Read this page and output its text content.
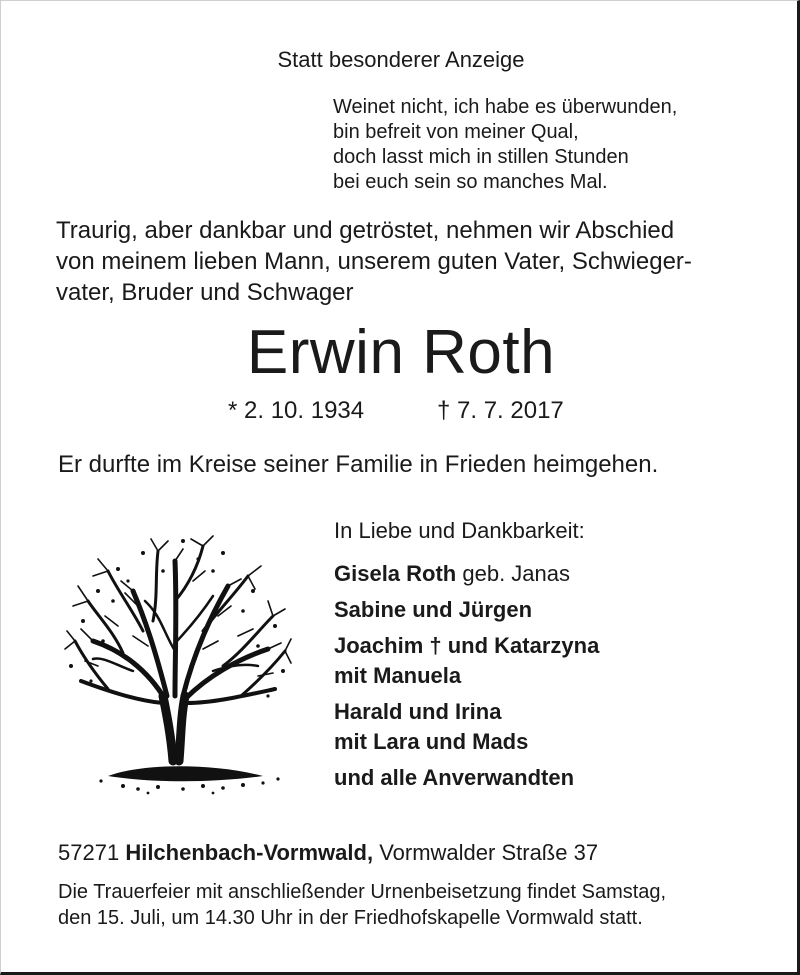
Statt besonderer Anzeige
Weinet nicht, ich habe es überwunden,
bin befreit von meiner Qual,
doch lasst mich in stillen Stunden
bei euch sein so manches Mal.
Traurig, aber dankbar und getröstet, nehmen wir Abschied
von meinem lieben Mann, unserem guten Vater, Schwieger-
vater, Bruder und Schwager
Erwin Roth
* 2. 10. 1934	† 7. 7. 2017
Er durfte im Kreise seiner Familie in Frieden heimgehen.
In Liebe und Dankbarkeit:
Gisela Roth geb. Janas
Sabine und Jürgen
Joachim † und Katarzyna
mit Manuela
Harald und Irina
mit Lara und Mads
und alle Anverwandten
57271 Hilchenbach-Vormwald, Vormwalder Straße 37
Die Trauerfeier mit anschließender Urnenbeisetzung findet Samstag,
den 15. Juli, um 14.30 Uhr in der Friedhofskapelle Vormwald statt.
